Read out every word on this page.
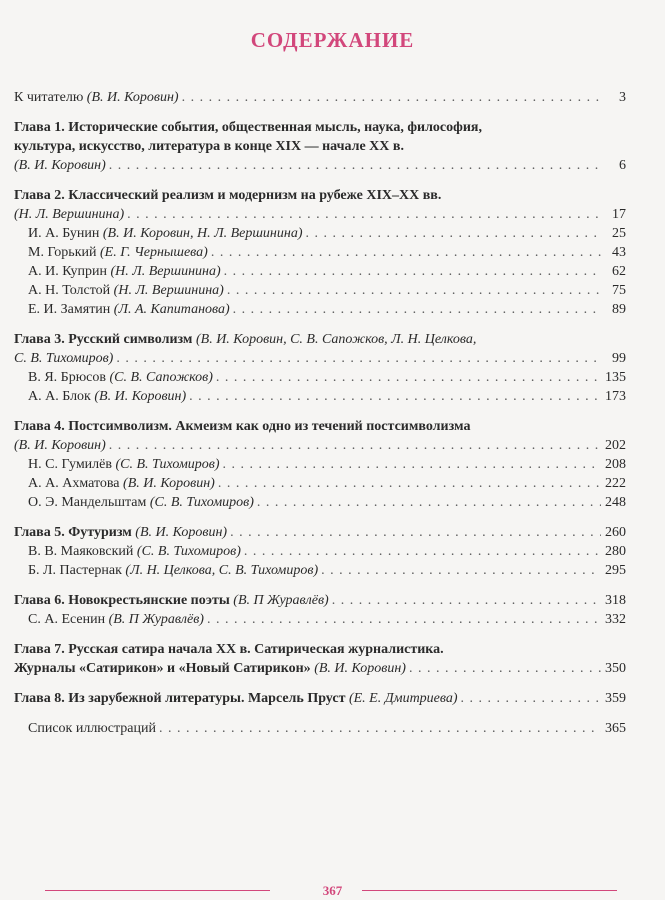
СОДЕРЖАНИЕ
К читателю (В. И. Коровин) . . .	3
Глава 1. Исторические события, общественная мысль, наука, философия,
культура, искусство, литература в конце XIX — начале XX в.
(В. И. Коровин) . . .	6
Глава 2. Классический реализм и модернизм на рубеже XIX–XX вв.
(Н. Л. Вершинина) . . .	17
И. А. Бунин (В. И. Коровин, Н. Л. Вершинина) . . .	25
М. Горький (Е. Г. Чернышева) . . .	43
А. И. Куприн (Н. Л. Вершинина) . . .	62
А. Н. Толстой (Н. Л. Вершинина) . . .	75
Е. И. Замятин (Л. А. Капитанова) . . .	89
Глава 3. Русский символизм (В. И. Коровин, С. В. Сапожков, Л. Н. Целкова,
С. В. Тихомиров) . . .	99
В. Я. Брюсов (С. В. Сапожков) . . .	135
А. А. Блок (В. И. Коровин) . . .	173
Глава 4. Постсимволизм. Акмеизм как одно из течений постсимволизма
(В. И. Коровин) . . .	202
Н. С. Гумилёв (С. В. Тихомиров) . . .	208
А. А. Ахматова (В. И. Коровин) . . .	222
О. Э. Мандельштам (С. В. Тихомиров) . . .	248
Глава 5. Футуризм (В. И. Коровин) . . .	260
В. В. Маяковский (С. В. Тихомиров) . . .	280
Б. Л. Пастернак (Л. Н. Целкова, С. В. Тихомиров) . . .	295
Глава 6. Новокрестьянские поэты (В. П Журавлёв) . . .	318
С. А. Есенин (В. П Журавлёв) . . .	332
Глава 7. Русская сатира начала XX в. Сатирическая журналистика.
Журналы «Сатирикон» и «Новый Сатирикон» (В. И. Коровин) . . .	350
Глава 8. Из зарубежной литературы. Марсель Пруст (Е. Е. Дмитриева) . . .	359
Список иллюстраций . . .	365
367
